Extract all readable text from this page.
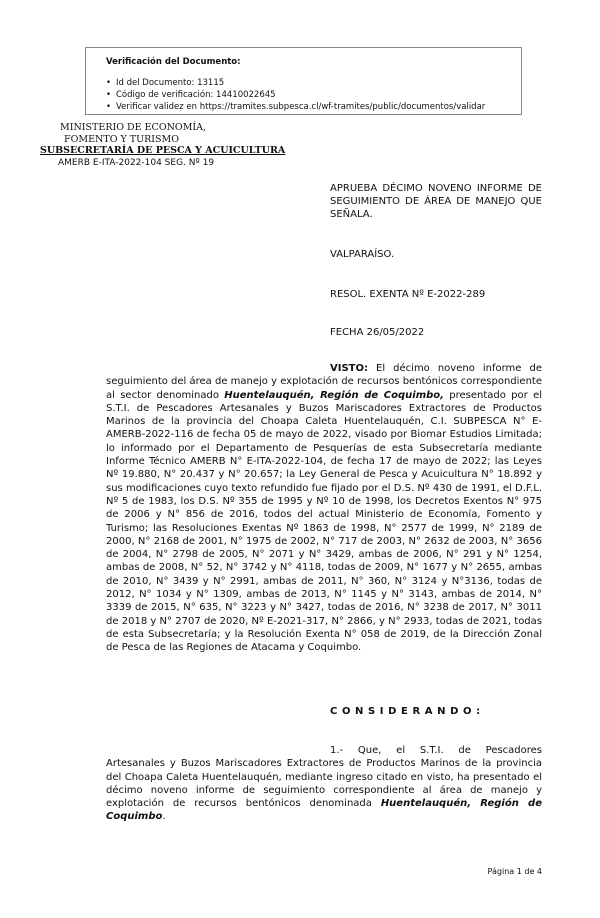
Verificación del Documento:
• Id del Documento: 13115
• Código de verificación: 14410022645
• Verificar validez en https://tramites.subpesca.cl/wf-tramites/public/documentos/validar
MINISTERIO DE ECONOMÍA,
FOMENTO Y TURISMO
SUBSECRETARÍA DE PESCA Y ACUICULTURA
AMERB E-ITA-2022-104 SEG. Nº 19
APRUEBA DÉCIMO NOVENO INFORME DE SEGUIMIENTO DE ÁREA DE MANEJO QUE SEÑALA.
VALPARAÍSO.
RESOL. EXENTA Nº E-2022-289
FECHA 26/05/2022
VISTO: El décimo noveno informe de seguimiento del área de manejo y explotación de recursos bentónicos correspondiente al sector denominado Huentelauquén, Región de Coquimbo, presentado por el S.T.I. de Pescadores Artesanales y Buzos Mariscadores Extractores de Productos Marinos de la provincia del Choapa Caleta Huentelauquén, C.I. SUBPESCA N° E-AMERB-2022-116 de fecha 05 de mayo de 2022, visado por Biomar Estudios Limitada; lo informado por el Departamento de Pesquerías de esta Subsecretaría mediante Informe Técnico AMERB N° E-ITA-2022-104, de fecha 17 de mayo de 2022; las Leyes Nº 19.880, N° 20.437 y N° 20.657; la Ley General de Pesca y Acuicultura N° 18.892 y sus modificaciones cuyo texto refundido fue fijado por el D.S. Nº 430 de 1991, el D.F.L. Nº 5 de 1983, los D.S. Nº 355 de 1995 y Nº 10 de 1998, los Decretos Exentos N° 975 de 2006 y N° 856 de 2016, todos del actual Ministerio de Economía, Fomento y Turismo; las Resoluciones Exentas Nº 1863 de 1998, N° 2577 de 1999, N° 2189 de 2000, N° 2168 de 2001, N° 1975 de 2002, N° 717 de 2003, N° 2632 de 2003, N° 3656 de 2004, N° 2798 de 2005, N° 2071 y N° 3429, ambas de 2006, N° 291 y N° 1254, ambas de 2008, N° 52, N° 3742 y N° 4118, todas de 2009, N° 1677 y N° 2655, ambas de 2010, N° 3439 y N° 2991, ambas de 2011, N° 360, N° 3124 y N°3136, todas de 2012, N° 1034 y N° 1309, ambas de 2013, N° 1145 y N° 3143, ambas de 2014, N° 3339 de 2015, N° 635, N° 3223 y N° 3427, todas de 2016, N° 3238 de 2017, N° 3011 de 2018 y N° 2707 de 2020, Nº E-2021-317, N° 2866, y N° 2933, todas de 2021, todas de esta Subsecretaría; y la Resolución Exenta N° 058 de 2019, de la Dirección Zonal de Pesca de las Regiones de Atacama y Coquimbo.
CONSIDERANDO:
1.- Que, el S.T.I. de Pescadores Artesanales y Buzos Mariscadores Extractores de Productos Marinos de la provincia del Choapa Caleta Huentelauquén, mediante ingreso citado en visto, ha presentado el décimo noveno informe de seguimiento correspondiente al área de manejo y explotación de recursos bentónicos denominada Huentelauquén, Región de Coquimbo.
Página 1 de 4
